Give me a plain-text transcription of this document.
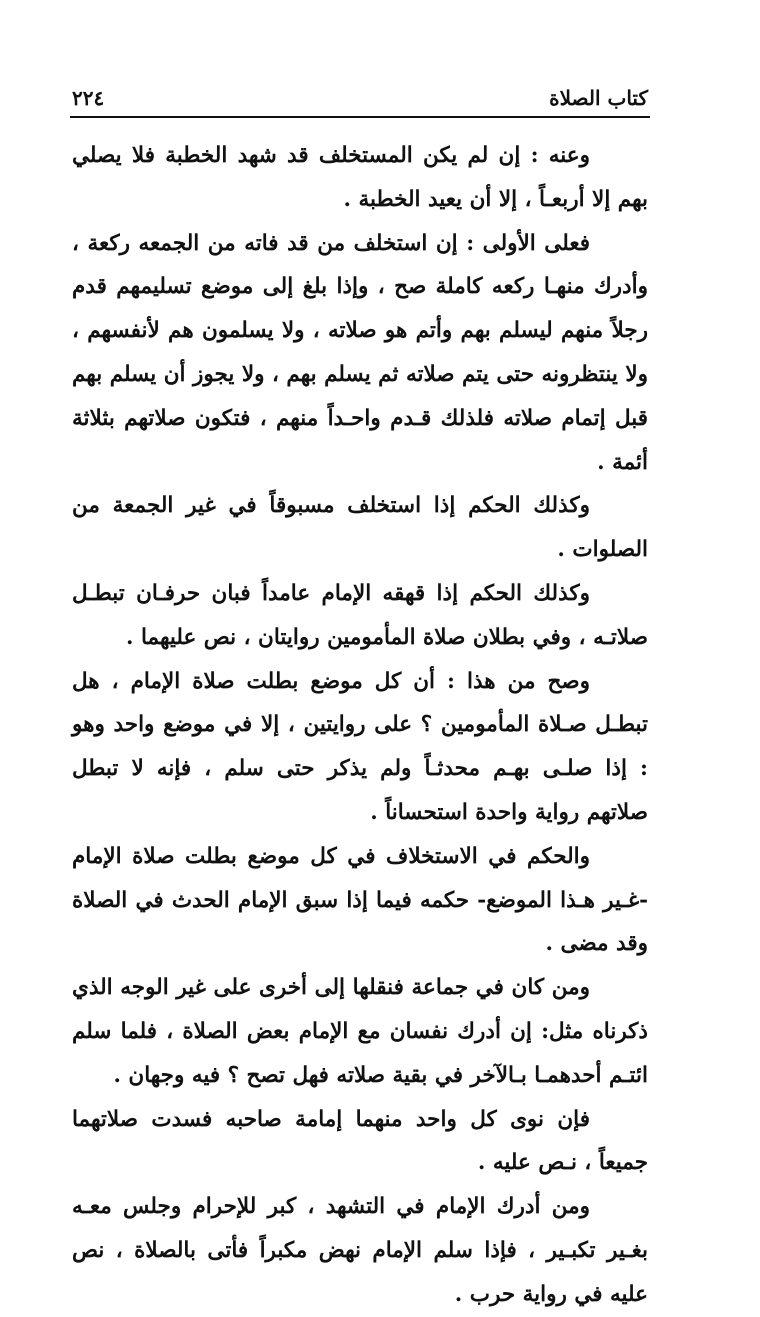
٢٢٤	كتاب الصلاة

وعنه : إن لم يكن المستخلف قد شهد الخطبة فلا يصلي بهم إلا أربعـاً ، إلا أن يعيد الخطبة .

فعلى الأولى : إن استخلف من قد فاته من الجمعه ركعة ، وأدرك منهـا ركعه كاملة صح ، وإذا بلغ إلى موضع تسليمهم قدم رجلاً منهم ليسلم بهم وأتم هو صلاته ، ولا يسلمون هم لأنفسهم ، ولا ينتظرونه حتى يتم صلاته ثم يسلم بهم ، ولا يجوز أن يسلم بهم قبل إتمام صلاته فلذلك قـدم واحـداً منهم ، فتكون صلاتهم بثلاثة أئمة .

وكذلك الحكم إذا استخلف مسبوقاً في غير الجمعة من الصلوات .

وكذلك الحكم إذا قهقه الإمام عامداً فبان حرفـان تبطـل صلاتـه ، وفي بطلان صلاة المأمومين روايتان ، نص عليهما .

وصح من هذا : أن كل موضع بطلت صلاة الإمام ، هل تبطـل صـلاة المأمومين ؟ على روايتين ، إلا في موضع واحد وهو : إذا صلـى بهـم محدثـاً ولم يذكر حتى سلم ، فإنه لا تبطل صلاتهم رواية واحدة استحساناً .

والحكم في الاستخلاف في كل موضع بطلت صلاة الإمام -غـير هـذا الموضع- حكمه فيما إذا سبق الإمام الحدث في الصلاة وقد مضى .

ومن كان في جماعة فنقلها إلى أخرى على غير الوجه الذي ذكرناه مثل: إن أدرك نفسان مع الإمام بعض الصلاة ، فلما سلم ائتـم أحدهمـا بـالآخر في بقية صلاته فهل تصح ؟ فيه وجهان .

فإن نوى كل واحد منهما إمامة صاحبه فسدت صلاتهما جميعاً ، نـص عليه .

ومن أدرك الإمام في التشهد ، كبر للإحرام وجلس معـه بغـير تكبـير ، فإذا سلم الإمام نهض مكبراً فأتى بالصلاة ، نص عليه في رواية حرب .
